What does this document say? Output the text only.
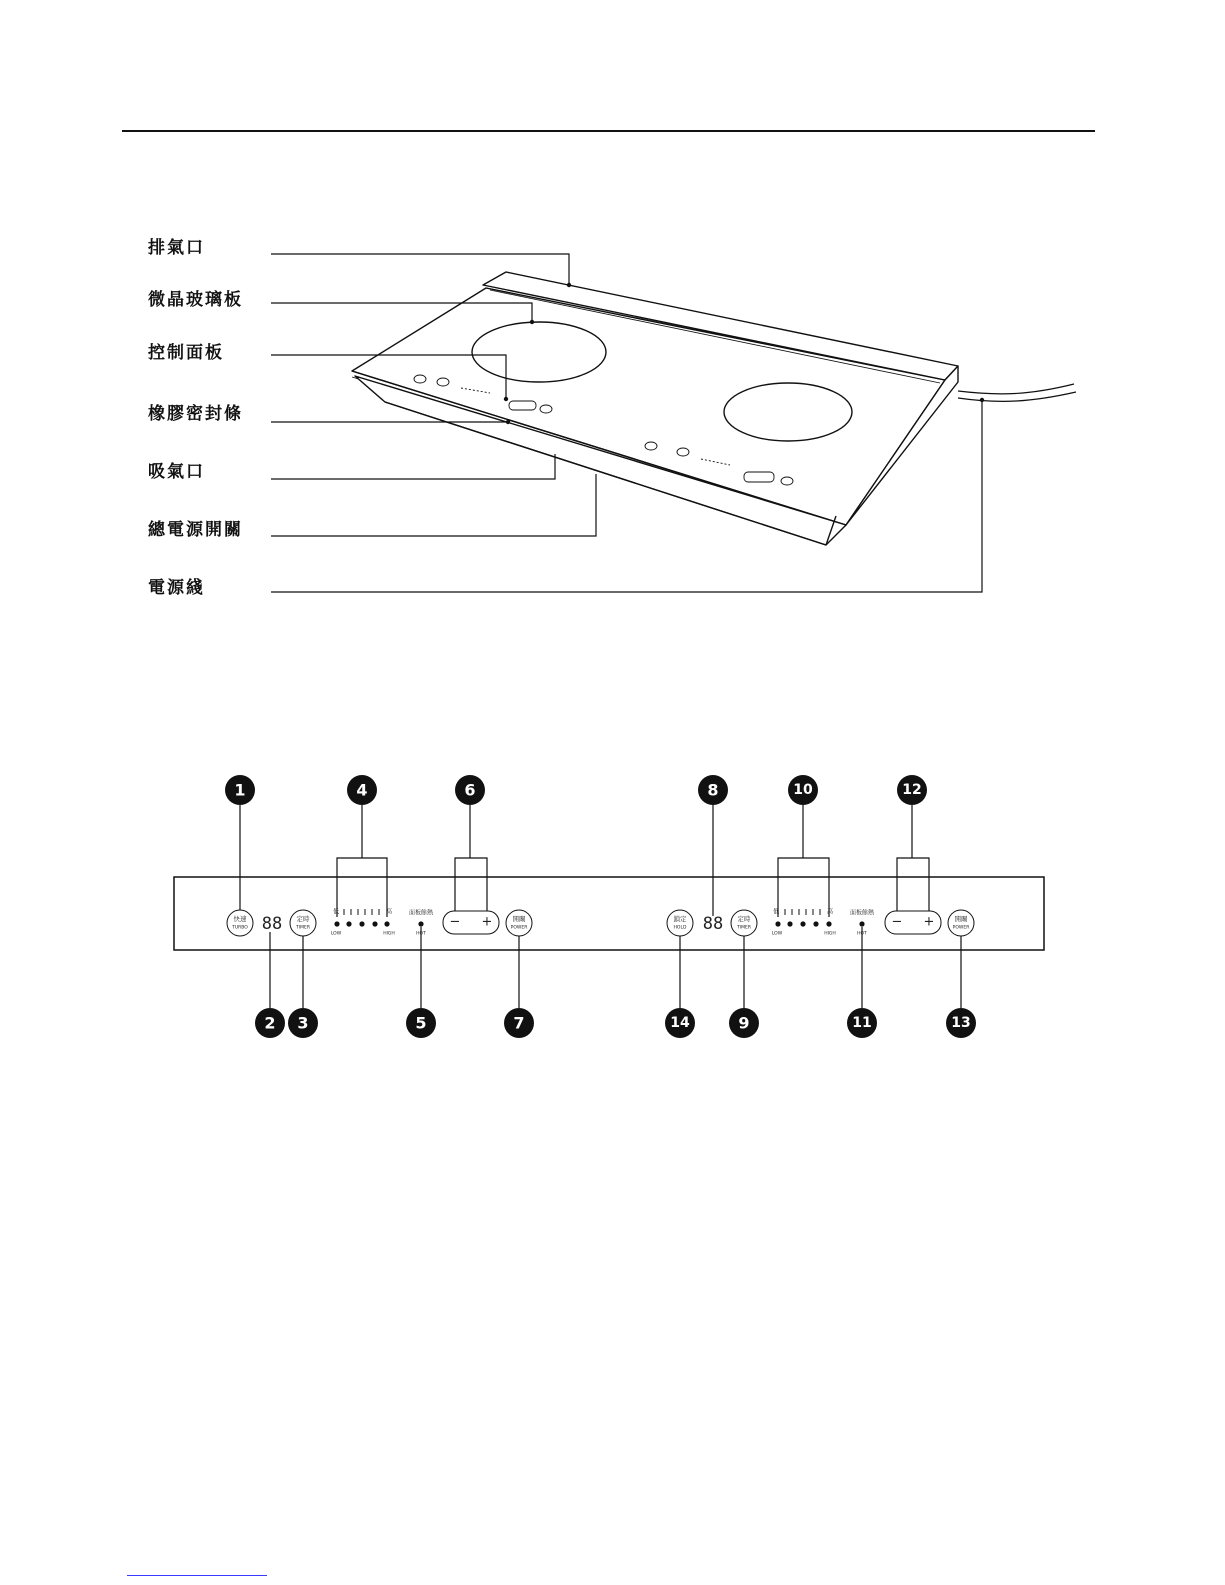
排氣口
微晶玻璃板
控制面板
橡膠密封條
吸氣口
總電源開關
電源綫
快速
TURBO 88 定時
TIMER
低	高
LOW	HIGH
面板餘熱
HOT
− +	開關
POWER
鎖定
HOLD 88 定時
TIMER
低	高
LOW	HIGH
面板餘熱
HOT
− +	開關
POWER
1	4	6	8	10	12
2 3	5	7	14	9	11	13
